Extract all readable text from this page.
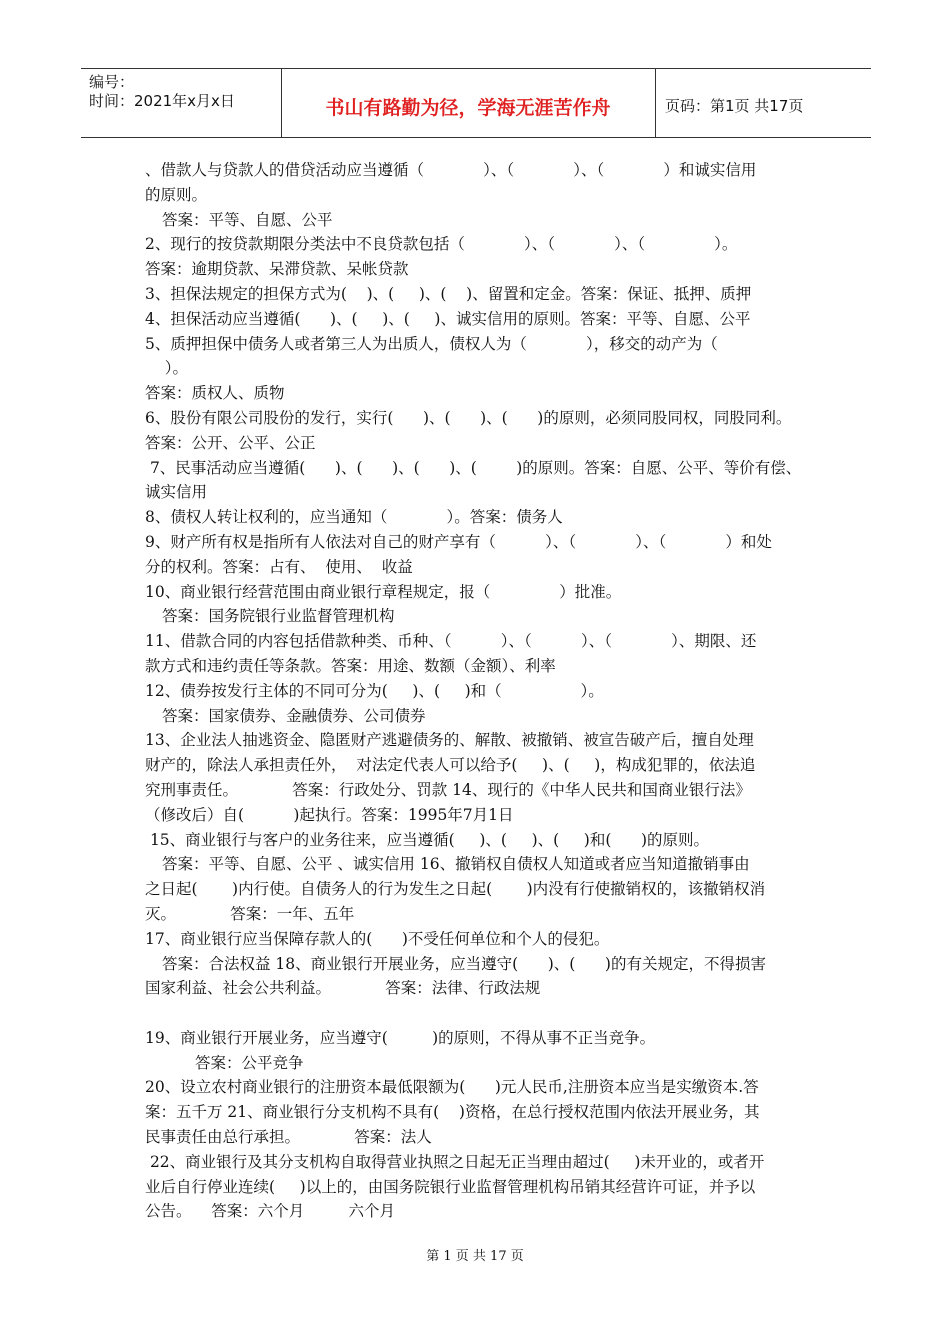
编号：
时间：2021年x月x日	书山有路勤为径，学海无涯苦作舟	页码：第1页 共17页

、借款人与贷款人的借贷活动应当遵循（            ）、（            ）、（            ）和诚实信用

的原则。

答案：平等、自愿、公平

2、现行的按贷款期限分类法中不良贷款包括（            ）、（            ）、（              ）。

答案：逾期贷款、呆滞贷款、呆帐贷款

3、担保法规定的担保方式为(    )、(     )、(    )、留置和定金。答案：保证、抵押、质押

4、担保活动应当遵循(      )、(     )、(     )、诚实信用的原则。答案：平等、自愿、公平

5、质押担保中债务人或者第三人为出质人，债权人为（            ），移交的动产为（

）。

答案：质权人、质物

6、股份有限公司股份的发行，实行(      )、(      )、(      )的原则，必须同股同权，同股同利。

答案：公开、公平、公正

7、民事活动应当遵循(      )、(      )、(      )、(        )的原则。答案：自愿、公平、等价有偿、

诚实信用

8、债权人转让权利的，应当通知（            ）。答案：债务人

9、财产所有权是指所有人依法对自己的财产享有（          ）、（            ）、（            ）和处

分的权利。答案：占有、  使用、  收益

10、商业银行经营范围由商业银行章程规定，报（              ）批准。

答案：国务院银行业监督管理机构

11、借款合同的内容包括借款种类、币种、（          ）、（          ）、（            ）、期限、还

款方式和违约责任等条款。答案：用途、数额（金额）、利率

12、债券按发行主体的不同可分为(     )、(     )和（                ）。

答案：国家债券、金融债券、公司债券

13、企业法人抽逃资金、隐匿财产逃避债务的、解散、被撤销、被宣告破产后，擅自处理

财产的，除法人承担责任外，  对法定代表人可以给予(     )、(     )，构成犯罪的，依法追

究刑事责任。           答案：行政处分、罚款 14、现行的《中华人民共和国商业银行法》

（修改后）自(          )起执行。答案：1995年7月1日

15、商业银行与客户的业务往来，应当遵循(     )、(     )、(     )和(      )的原则。

答案：平等、自愿、公平 、诚实信用 16、撤销权自债权人知道或者应当知道撤销事由

之日起(       )内行使。自债务人的行为发生之日起(       )内没有行使撤销权的，该撤销权消

灭。           答案：一年、五年

17、商业银行应当保障存款人的(      )不受任何单位和个人的侵犯。

答案：合法权益 18、商业银行开展业务，应当遵守(      )、(      )的有关规定，不得损害

国家利益、社会公共利益。           答案：法律、行政法规

19、商业银行开展业务，应当遵守(         )的原则，不得从事不正当竞争。

答案：公平竞争

20、设立农村商业银行的注册资本最低限额为(      )元人民币,注册资本应当是实缴资本.答

案：五千万 21、商业银行分支机构不具有(    )资格，在总行授权范围内依法开展业务，其

民事责任由总行承担。           答案：法人

22、商业银行及其分支机构自取得营业执照之日起无正当理由超过(     )未开业的，或者开

业后自行停业连续(     )以上的，由国务院银行业监督管理机构吊销其经营许可证，并予以

公告。    答案：六个月         六个月

第 1 页 共 17 页
